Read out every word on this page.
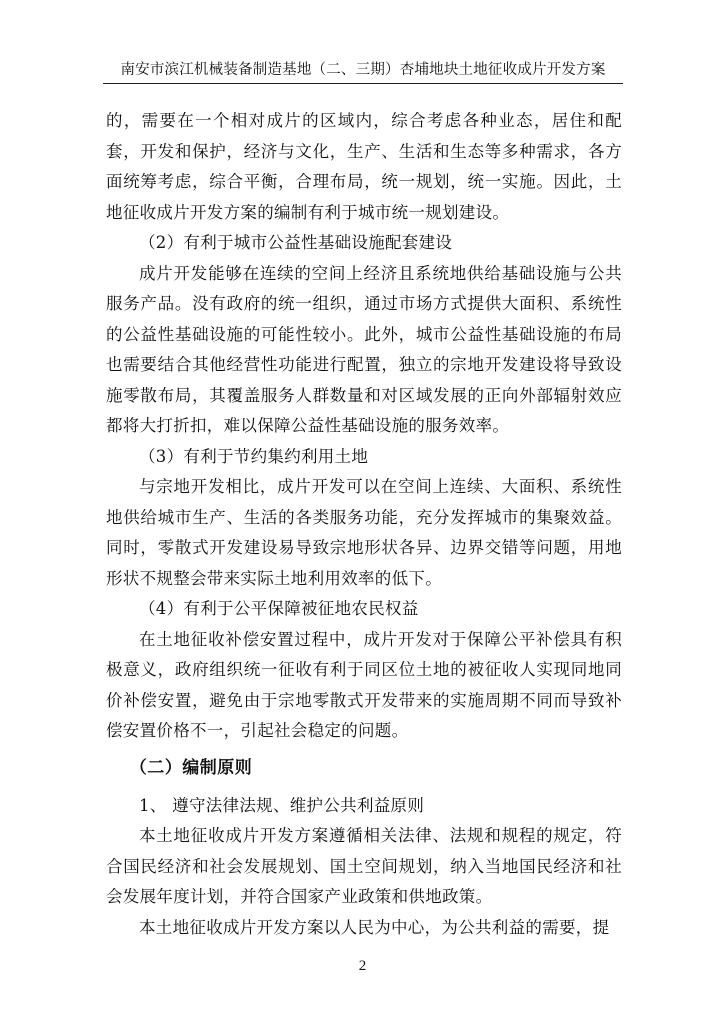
南安市滨江机械装备制造基地（二、三期）杏埔地块土地征收成片开发方案

的，需要在一个相对成片的区域内，综合考虑各种业态，居住和配套，开发和保护，经济与文化，生产、生活和生态等多种需求，各方面统筹考虑，综合平衡，合理布局，统一规划，统一实施。因此，土地征收成片开发方案的编制有利于城市统一规划建设。

（2）有利于城市公益性基础设施配套建设

成片开发能够在连续的空间上经济且系统地供给基础设施与公共服务产品。没有政府的统一组织，通过市场方式提供大面积、系统性的公益性基础设施的可能性较小。此外，城市公益性基础设施的布局也需要结合其他经营性功能进行配置，独立的宗地开发建设将导致设施零散布局，其覆盖服务人群数量和对区域发展的正向外部辐射效应都将大打折扣，难以保障公益性基础设施的服务效率。

（3）有利于节约集约利用土地

与宗地开发相比，成片开发可以在空间上连续、大面积、系统性地供给城市生产、生活的各类服务功能，充分发挥城市的集聚效益。同时，零散式开发建设易导致宗地形状各异、边界交错等问题，用地形状不规整会带来实际土地利用效率的低下。

（4）有利于公平保障被征地农民权益

在土地征收补偿安置过程中，成片开发对于保障公平补偿具有积极意义，政府组织统一征收有利于同区位土地的被征收人实现同地同价补偿安置，避免由于宗地零散式开发带来的实施周期不同而导致补偿安置价格不一，引起社会稳定的问题。

（二）编制原则

1、 遵守法律法规、维护公共利益原则

本土地征收成片开发方案遵循相关法律、法规和规程的规定，符合国民经济和社会发展规划、国土空间规划，纳入当地国民经济和社会发展年度计划，并符合国家产业政策和供地政策。

本土地征收成片开发方案以人民为中心，为公共利益的需要，提

2
